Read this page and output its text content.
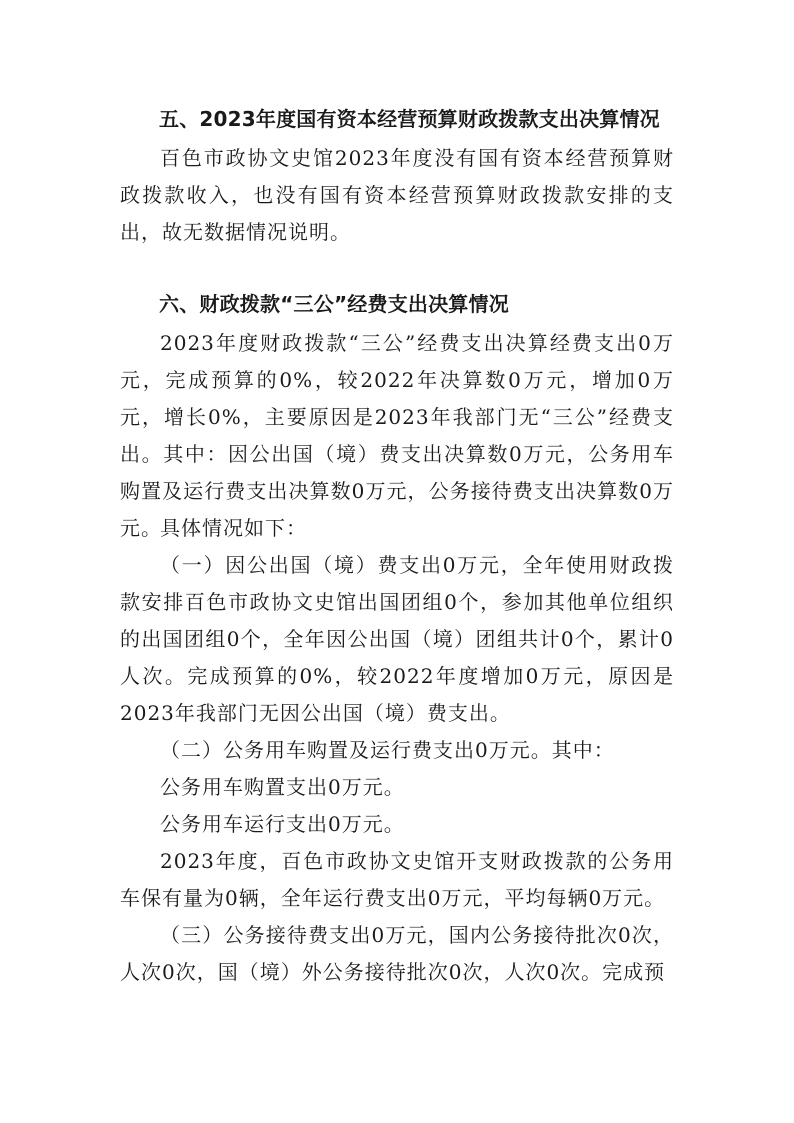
五、2023年度国有资本经营预算财政拨款支出决算情况
百色市政协文史馆2023年度没有国有资本经营预算财政拨款收入，也没有国有资本经营预算财政拨款安排的支出，故无数据情况说明。
六、财政拨款“三公”经费支出决算情况
2023年度财政拨款“三公”经费支出决算经费支出0万元，完成预算的0%，较2022年决算数0万元，增加0万元，增长0%，主要原因是2023年我部门无“三公”经费支出。其中：因公出国（境）费支出决算数0万元，公务用车购置及运行费支出决算数0万元，公务接待费支出决算数0万元。
具体情况如下：
（一）因公出国（境）费支出0万元，全年使用财政拨款安排百色市政协文史馆出国团组0个，参加其他单位组织的出国团组0个，全年因公出国（境）团组共计0个，累计0人次。完成预算的0%，较2022年度增加0万元，原因是2023年我部门无因公出国（境）费支出。
（二）公务用车购置及运行费支出0万元。其中：
公务用车购置支出0万元。
公务用车运行支出0万元。
2023年度，百色市政协文史馆开支财政拨款的公务用车保有量为0辆，全年运行费支出0万元，平均每辆0万元。
（三）公务接待费支出0万元，国内公务接待批次0次，人次0次，国（境）外公务接待批次0次，人次0次。完成预
